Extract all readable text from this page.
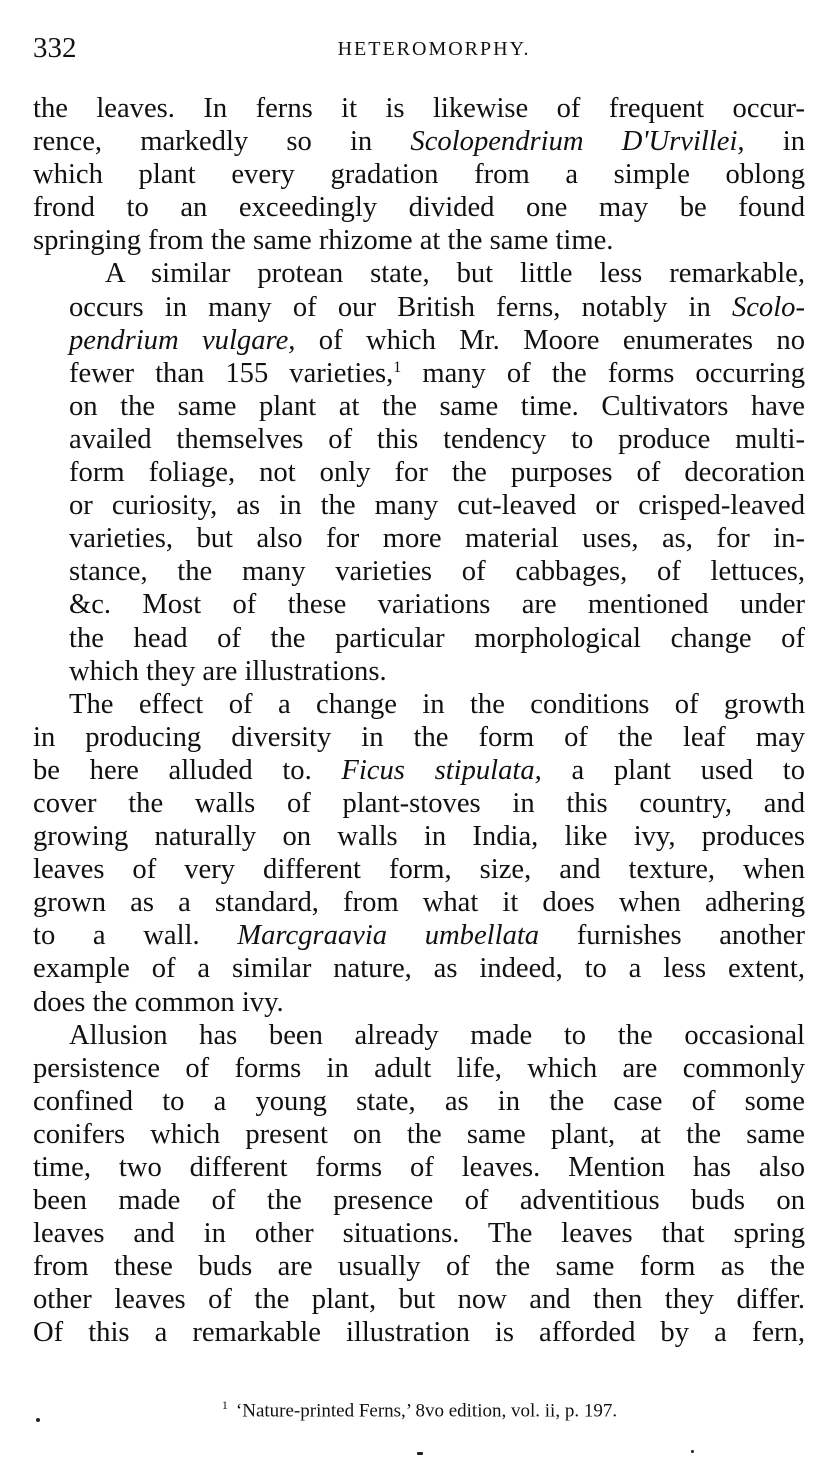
332	HETEROMORPHY.
the leaves. In ferns it is likewise of frequent occur-
rence, markedly so in Scolopendrium D'Urvillei, in
which plant every gradation from a simple oblong
frond to an exceedingly divided one may be found
springing from the same rhizome at the same time.
A similar protean state, but little less remarkable,
occurs in many of our British ferns, notably in Scolo-
pendrium vulgare, of which Mr. Moore enumerates no
fewer than 155 varieties,$^1$ many of the forms occurring
on the same plant at the same time. Cultivators have
availed themselves of this tendency to produce multi-
form foliage, not only for the purposes of decoration
or curiosity, as in the many cut-leaved or crisped-leaved
varieties, but also for more material uses, as, for in-
stance, the many varieties of cabbages, of lettuces,
&c. Most of these variations are mentioned under
the head of the particular morphological change of
which they are illustrations.
The effect of a change in the conditions of growth
in producing diversity in the form of the leaf may
be here alluded to. Ficus stipulata, a plant used to
cover the walls of plant-stoves in this country, and
growing naturally on walls in India, like ivy, produces
leaves of very different form, size, and texture, when
grown as a standard, from what it does when adhering
to a wall. Marcgraavia umbellata furnishes another
example of a similar nature, as indeed, to a less extent,
does the common ivy.
Allusion has been already made to the occasional
persistence of forms in adult life, which are commonly
confined to a young state, as in the case of some
conifers which present on the same plant, at the same
time, two different forms of leaves. Mention has also
been made of the presence of adventitious buds on
leaves and in other situations. The leaves that spring
from these buds are usually of the same form as the
other leaves of the plant, but now and then they differ.
Of this a remarkable illustration is afforded by a fern,
$^1$ ‘Nature-printed Ferns,’ 8vo edition, vol. ii, p. 197.
